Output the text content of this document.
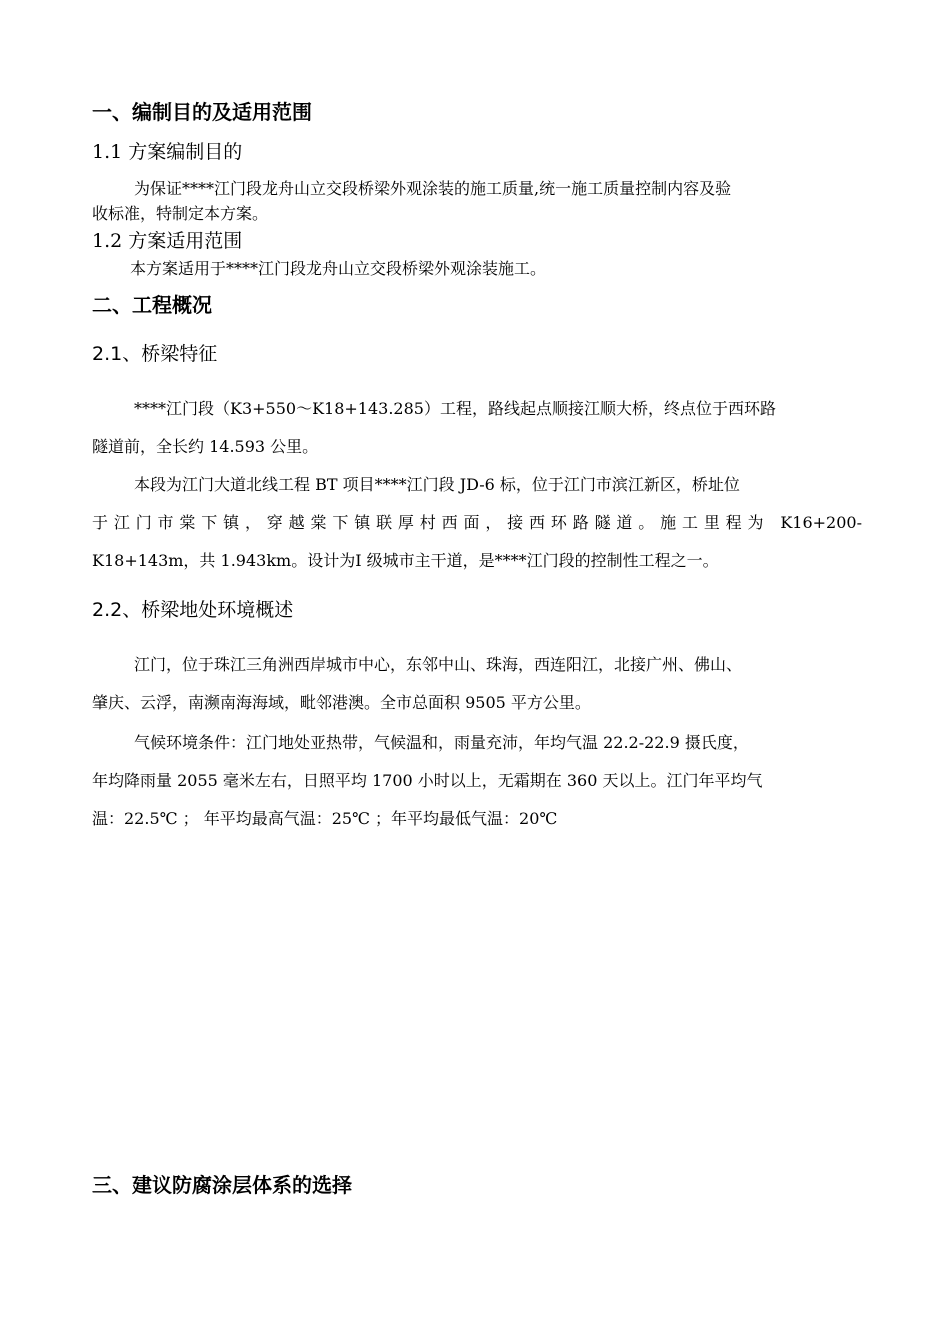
一、编制目的及适用范围
1.1 方案编制目的
为保证****江门段龙舟山立交段桥梁外观涂装的施工质量,统一施工质量控制内容及验
收标准，特制定本方案。
1.2 方案适用范围
本方案适用于****江门段龙舟山立交段桥梁外观涂装施工。
二、工程概况
2.1、桥梁特征
****江门段（K3+550～K18+143.285）工程，路线起点顺接江顺大桥，终点位于西环路
隧道前，全长约 14.593 公里。
本段为江门大道北线工程 BT 项目****江门段 JD-6 标，位于江门市滨江新区，桥址位
于江门市棠下镇，穿越棠下镇联厚村西面，接西环路隧道。施工里程为 K16+200-
K18+143m，共 1.943km。设计为Ⅰ 级城市主干道，是****江门段的控制性工程之一。
2.2、桥梁地处环境概述
江门，位于珠江三角洲西岸城市中心，东邻中山、珠海，西连阳江，北接广州、佛山、
肇庆、云浮，南濒南海海域，毗邻港澳。全市总面积 9505 平方公里。
气候环境条件：江门地处亚热带，气候温和，雨量充沛，年均气温 22.2-22.9 摄氏度，
年均降雨量 2055 毫米左右，日照平均 1700 小时以上，无霜期在 360 天以上。江门年平均气
温：22.5℃ ； 年平均最高气温：25℃ ；年平均最低气温：20℃
三、建议防腐涂层体系的选择
